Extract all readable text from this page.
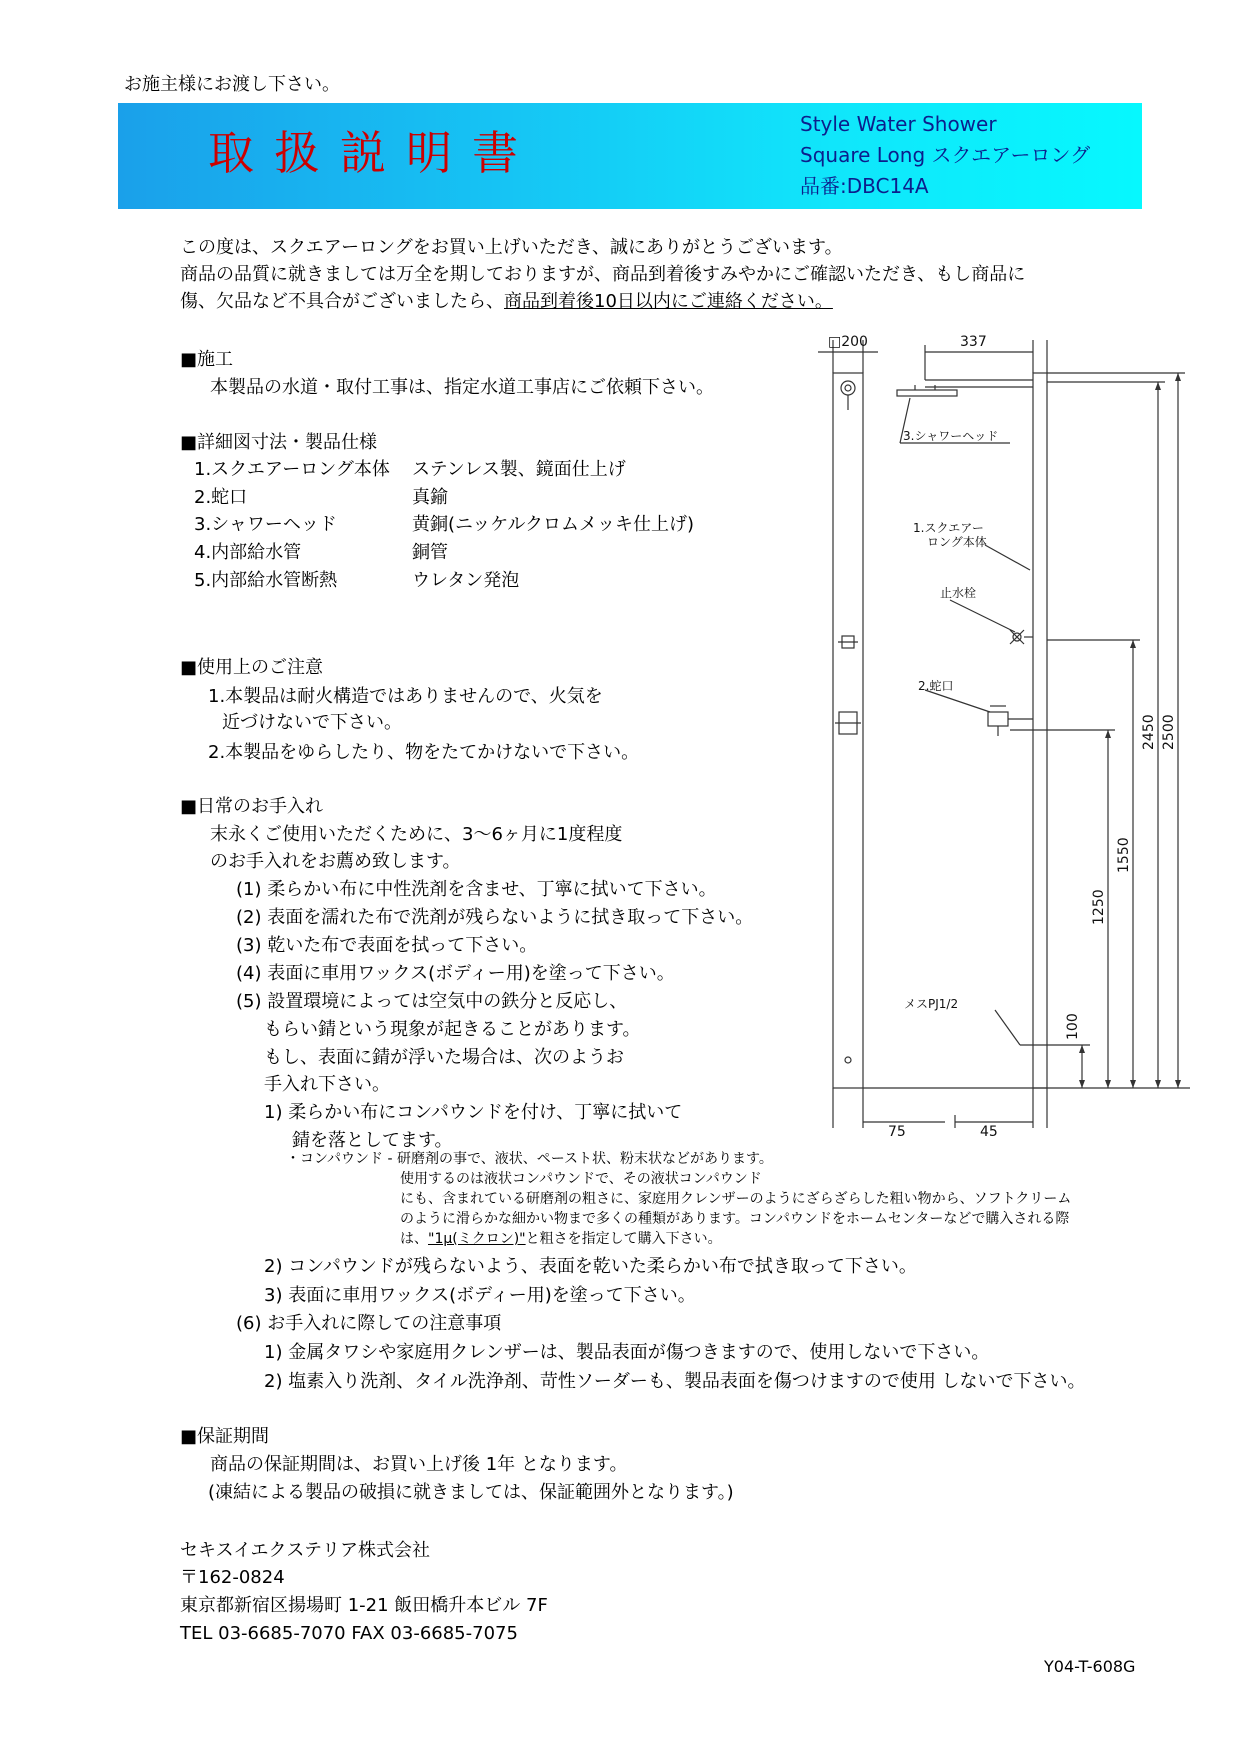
お施主様にお渡し下さい。
取扱説明書
Style Water Shower
Square Long スクエアーロング
品番:DBC14A
この度は、スクエアーロングをお買い上げいただき、誠にありがとうございます。
商品の品質に就きましては万全を期しておりますが、商品到着後すみやかにご確認いただき、もし商品に
傷、欠品など不具合がございましたら、商品到着後10日以内にご連絡ください。
■施工
本製品の水道・取付工事は、指定水道工事店にご依頼下さい。
■詳細図寸法・製品仕様
1.スクエアーロング本体 ステンレス製、鏡面仕上げ
2.蛇口	真鍮
3.シャワーヘッド	黄銅(ニッケルクロムメッキ仕上げ)
4.内部給水管	銅管
5.内部給水管断熱	ウレタン発泡
■使用上のご注意
1.本製品は耐火構造ではありませんので、火気を
近づけないで下さい。
2.本製品をゆらしたり、物をたてかけないで下さい。
■日常のお手入れ
末永くご使用いただくために、3～6ヶ月に1度程度
のお手入れをお薦め致します。
(1) 柔らかい布に中性洗剤を含ませ、丁寧に拭いて下さい。
(2) 表面を濡れた布で洗剤が残らないように拭き取って下さい。
(3) 乾いた布で表面を拭って下さい。
(4) 表面に車用ワックス(ボディー用)を塗って下さい。
(5) 設置環境によっては空気中の鉄分と反応し、
もらい錆という現象が起きることがあります。
もし、表面に錆が浮いた場合は、次のようお
手入れ下さい。
1) 柔らかい布にコンパウンドを付け、丁寧に拭いて
錆を落としてます。
・コンパウンド - 研磨剤の事で、液状、ペースト状、粉末状などがあります。
使用するのは液状コンパウンドで、その液状コンパウンド
にも、含まれている研磨剤の粗さに、家庭用クレンザーのようにざらざらした粗い物から、ソフトクリーム
のように滑らかな細かい物まで多くの種類があります。コンパウンドをホームセンターなどで購入される際
は、"1μ(ミクロン)"と粗さを指定して購入下さい。
2) コンパウンドが残らないよう、表面を乾いた柔らかい布で拭き取って下さい。
3) 表面に車用ワックス(ボディー用)を塗って下さい。
(6) お手入れに際しての注意事項
1) 金属タワシや家庭用クレンザーは、製品表面が傷つきますので、使用しないで下さい。
2) 塩素入り洗剤、タイル洗浄剤、苛性ソーダーも、製品表面を傷つけますので使用 しないで下さい。
■保証期間
商品の保証期間は、お買い上げ後 1年 となります。
(凍結による製品の破損に就きましては、保証範囲外となります。)
セキスイエクステリア株式会社
〒162-0824
東京都新宿区揚場町 1-21 飯田橋升本ビル 7F
TEL 03-6685-7070 FAX 03-6685-7075
Y04-T-608G
□200	337
3.シャワーヘッド
1.スクエアー
ロング本体
止水栓
2.蛇口
メスPJ1/2
2450 2500
1550
1250
100
75	45
